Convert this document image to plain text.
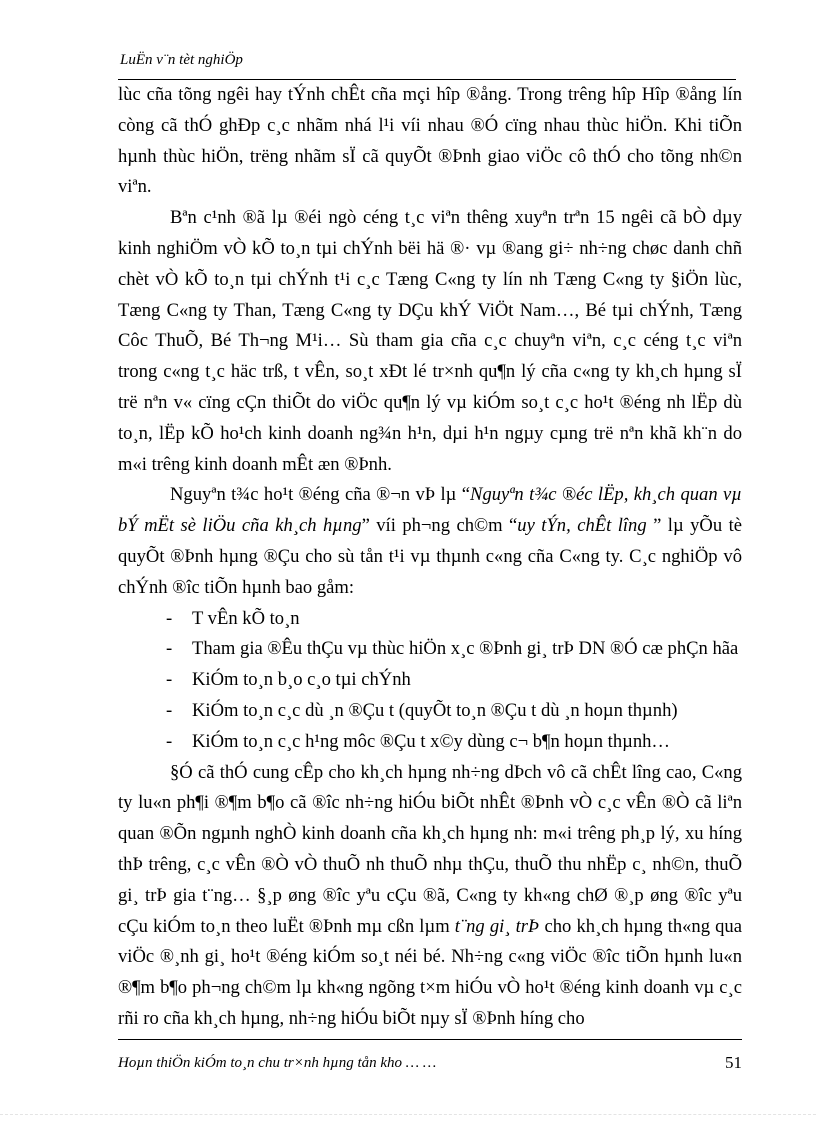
LuËn v¨n tèt nghiÖp

lùc cña tõng ngêi hay tÝnh chÊt cña mçi hîp ®ång. Trong trêng hîp Hîp ®ång lín còng cã thÓ ghÐp c¸c nhãm nhá l¹i víi nhau ®Ó cïng nhau thùc hiÖn. Khi tiÕn hµnh thùc hiÖn, trëng nhãm sÏ cã quyÕt ®Þnh giao viÖc cô thÓ cho tõng nh©n viªn.

Bªn c¹nh ®ã lµ ®éi ngò céng t¸c viªn thêng xuyªn trªn 15 ngêi cã bÒ dµy kinh nghiÖm vÒ kÕ to¸n tµi chÝnh bëi hä ®· vµ ®ang gi÷ nh÷ng chøc danh chñ chèt vÒ kÕ to¸n tµi chÝnh t¹i c¸c Tæng C«ng ty lín nh Tæng C«ng ty §iÖn lùc, Tæng C«ng ty Than, Tæng C«ng ty DÇu khÝ ViÖt Nam…, Bé tµi chÝnh, Tæng Côc ThuÕ, Bé Th¬ng M¹i… Sù tham gia cña c¸c chuyªn viªn, c¸c céng t¸c viªn trong c«ng t¸c häc trß, t vÊn, so¸t xÐt lé tr×nh qu¶n lý cña c«ng ty kh¸ch hµng sÏ trë nªn v« cïng cÇn thiÕt do viÖc qu¶n lý vµ kiÓm so¸t c¸c ho¹t ®éng nh lËp dù to¸n, lËp kÕ ho¹ch kinh doanh ng¾n h¹n, dµi h¹n ngµy cµng trë nªn khã kh¨n do m«i trêng kinh doanh mÊt æn ®Þnh.

Nguyªn t¾c ho¹t ®éng cña ®¬n vÞ lµ “Nguyªn t¾c ®éc lËp, kh¸ch quan vµ bÝ mËt sè liÖu cña kh¸ch hµng” víi ph¬ng ch©m “uy tÝn, chÊt lîng ” lµ yÕu tè quyÕt ®Þnh hµng ®Çu cho sù tån t¹i vµ thµnh c«ng cña C«ng ty. C¸c nghiÖp vô chÝnh ®îc tiÕn hµnh bao gåm:

- T vÊn kÕ to¸n
- Tham gia ®Êu thÇu vµ thùc hiÖn x¸c ®Þnh gi¸ trÞ DN ®Ó cæ phÇn hãa
- KiÓm to¸n b¸o c¸o tµi chÝnh
- KiÓm to¸n c¸c dù ¸n ®Çu t (quyÕt to¸n ®Çu t dù ¸n hoµn thµnh)
- KiÓm to¸n c¸c h¹ng môc ®Çu t x©y dùng c¬ b¶n hoµn thµnh…

§Ó cã thÓ cung cÊp cho kh¸ch hµng nh÷ng dÞch vô cã chÊt lîng cao, C«ng ty lu«n ph¶i ®¶m b¶o cã ®îc nh÷ng hiÓu biÕt nhÊt ®Þnh vÒ c¸c vÊn ®Ò cã liªn quan ®Õn ngµnh nghÒ kinh doanh cña kh¸ch hµng nh: m«i trêng ph¸p lý, xu híng thÞ trêng, c¸c vÊn ®Ò vÒ thuÕ nh thuÕ nhµ thÇu, thuÕ thu nhËp c¸ nh©n, thuÕ gi¸ trÞ gia t¨ng… §¸p øng ®îc yªu cÇu ®ã, C«ng ty kh«ng chØ ®¸p øng ®îc yªu cÇu kiÓm to¸n theo luËt ®Þnh mµ cßn lµm t¨ng gi¸ trÞ cho kh¸ch hµng th«ng qua viÖc ®¸nh gi¸ ho¹t ®éng kiÓm so¸t néi bé. Nh÷ng c«ng viÖc ®îc tiÕn hµnh lu«n ®¶m b¶o ph¬ng ch©m lµ kh«ng ngõng t×m hiÓu vÒ ho¹t ®éng kinh doanh vµ c¸c rñi ro cña kh¸ch hµng, nh÷ng hiÓu biÕt nµy sÏ ®Þnh híng cho

Hoµn thiÖn kiÓm to¸n chu tr×nh hµng tån kho … …	51
